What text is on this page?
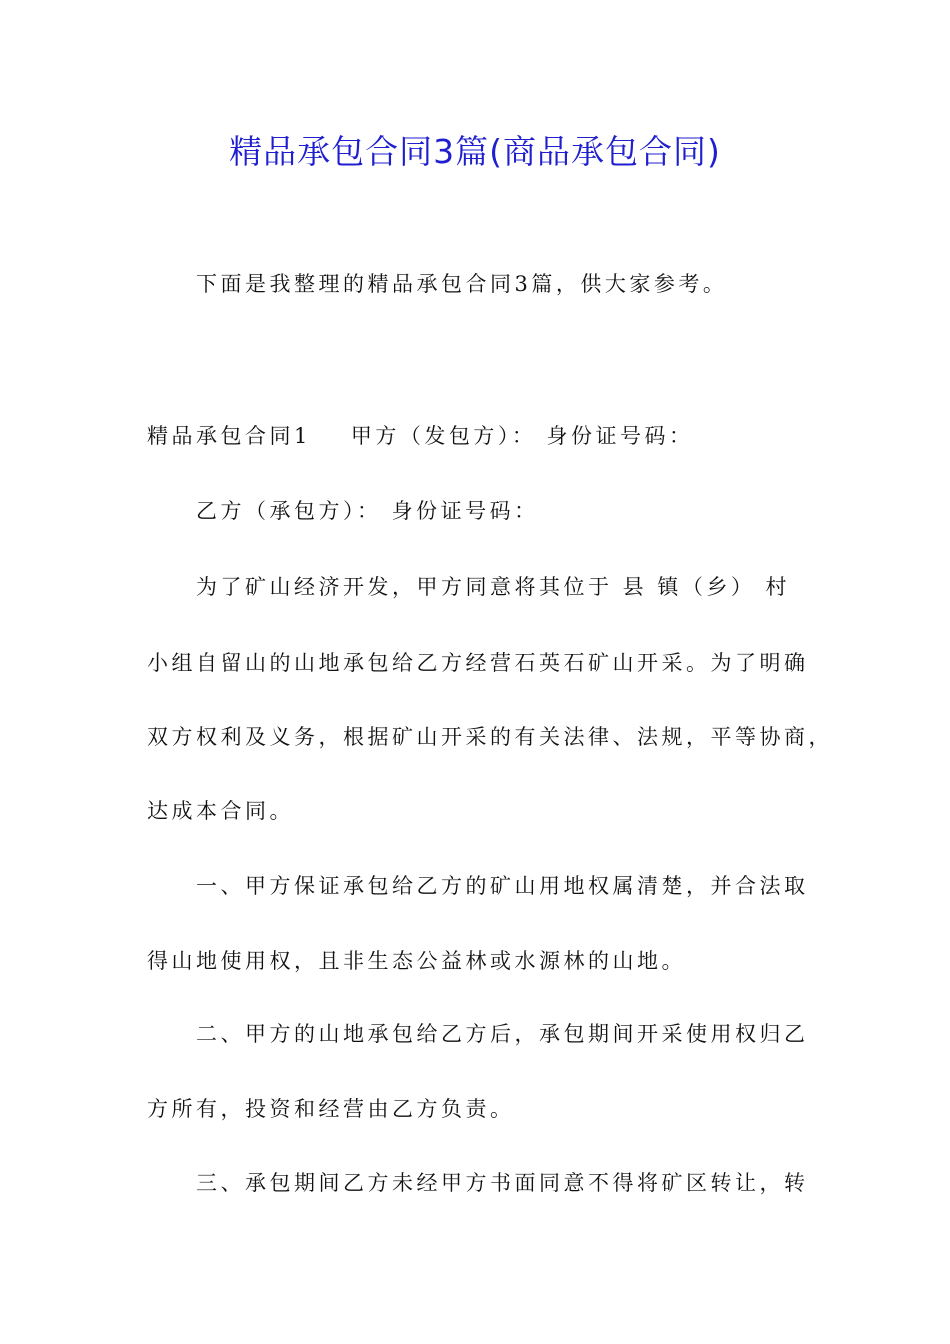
精品承包合同3篇(商品承包合同)
下面是我整理的精品承包合同3篇，供大家参考。
精品承包合同1 甲方（发包方）： 身份证号码：
乙方（承包方）： 身份证号码：
为了矿山经济开发，甲方同意将其位于 县 镇（乡） 村
小组自留山的山地承包给乙方经营石英石矿山开采。为了明确
双方权利及义务，根据矿山开采的有关法律、法规，平等协商，
达成本合同。
一、甲方保证承包给乙方的矿山用地权属清楚，并合法取
得山地使用权，且非生态公益林或水源林的山地。
二、甲方的山地承包给乙方后，承包期间开采使用权归乙
方所有，投资和经营由乙方负责。
三、承包期间乙方未经甲方书面同意不得将矿区转让，转
